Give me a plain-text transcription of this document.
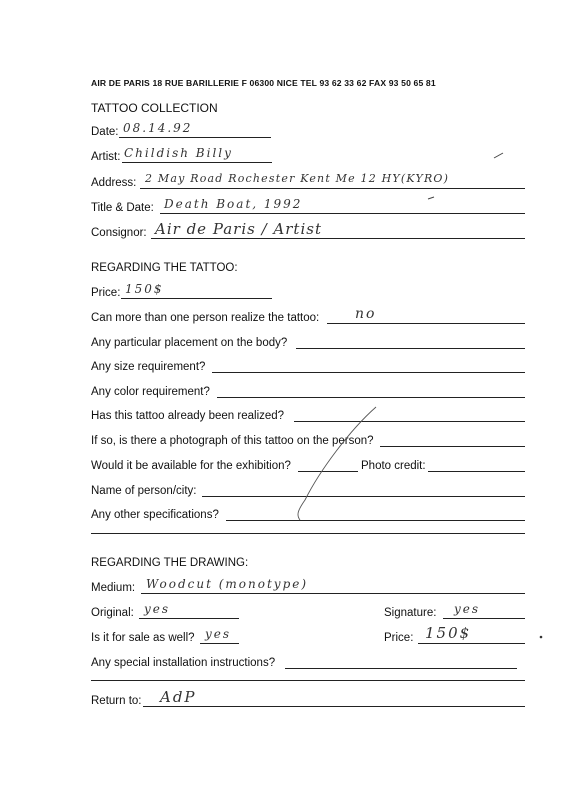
AIR DE PARIS 18 RUE BARILLERIE F 06300 NICE TEL 93 62 33 62 FAX 93 50 65 81
TATTOO COLLECTION
Date: 08.14.92
Artist: Childish Billy
Address: 2 May Road Rochester Kent Me 12 HY(KYRO)
Title & Date: Death Boat, 1992
Consignor: Air de Paris / Artist
REGARDING THE TATTOO:
Price: 150$
Can more than one person realize the tattoo:	no
Any particular placement on the body?
Any size requirement?
Any color requirement?
Has this tattoo already been realized?
If so, is there a photograph of this tattoo on the person?
Would it be available for the exhibition?	Photo credit:
Name of person/city:
Any other specifications?
REGARDING THE DRAWING:
Medium: Woodcut (monotype)
Original: yes	Signature: yes
Is it for sale as well? yes	Price: 150$
Any special installation instructions?
Return to: AdP
